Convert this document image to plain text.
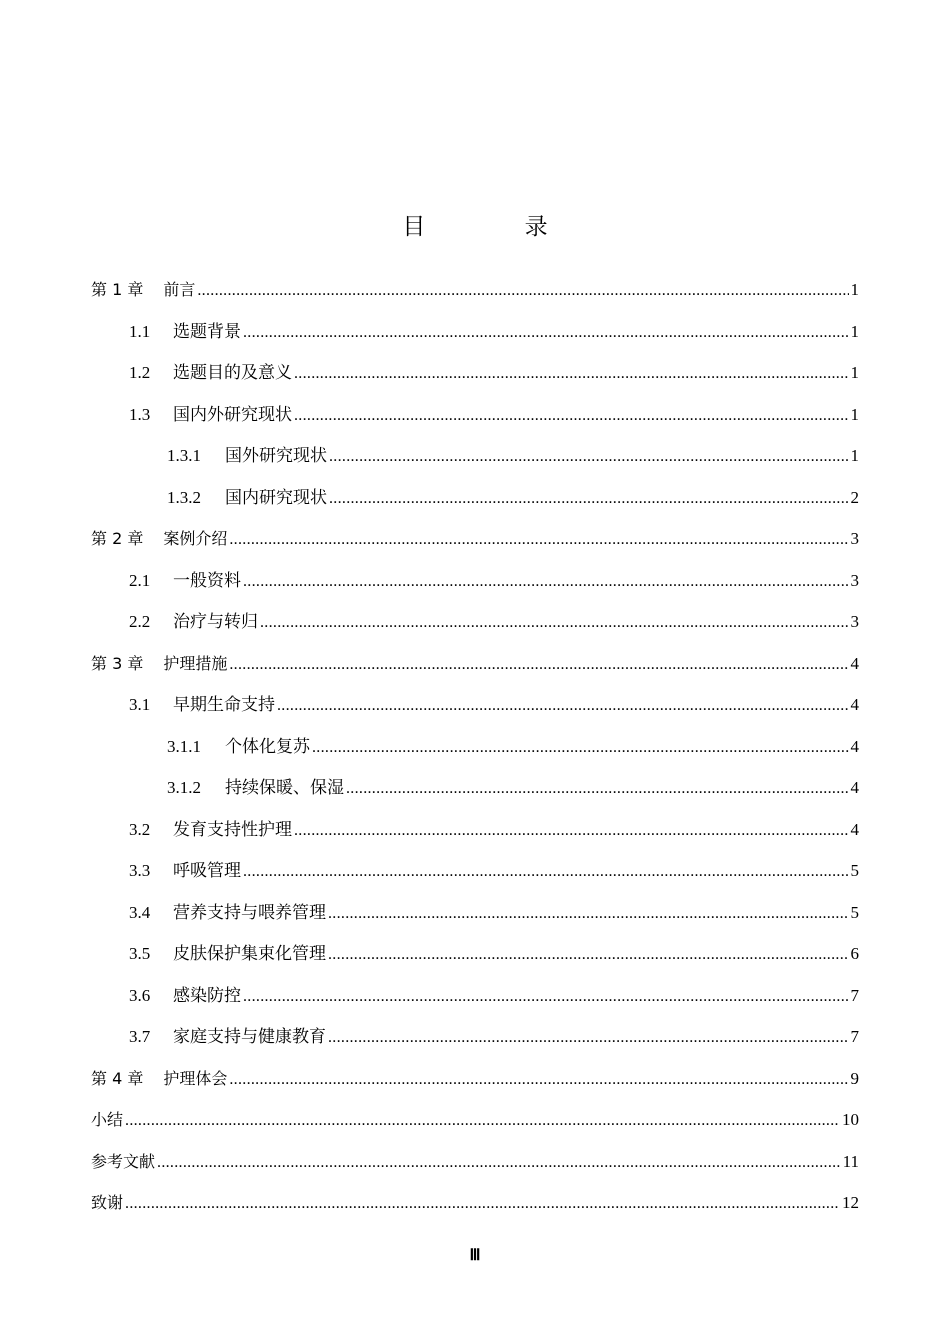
目 录
第 1 章 前言 .....	1
1.1	选题背景 .....	1
1.2	选题目的及意义 .....	1
1.3	国内外研究现状 .....	1
1.3.1	国外研究现状 .....	1
1.3.2	国内研究现状 .....	2
第 2 章 案例介绍 .....	3
2.1	一般资料 .....	3
2.2	治疗与转归 .....	3
第 3 章 护理措施 .....	4
3.1	早期生命支持 .....	4
3.1.1	个体化复苏 .....	4
3.1.2	持续保暖、保湿 .....	4
3.2	发育支持性护理 .....	4
3.3	呼吸管理 .....	5
3.4	营养支持与喂养管理 .....	5
3.5	皮肤保护集束化管理 .....	6
3.6	感染防控 .....	7
3.7	家庭支持与健康教育 .....	7
第 4 章 护理体会 .....	9
小结 .....	10
参考文献 .....	11
致谢 .....	12
Ⅲ
